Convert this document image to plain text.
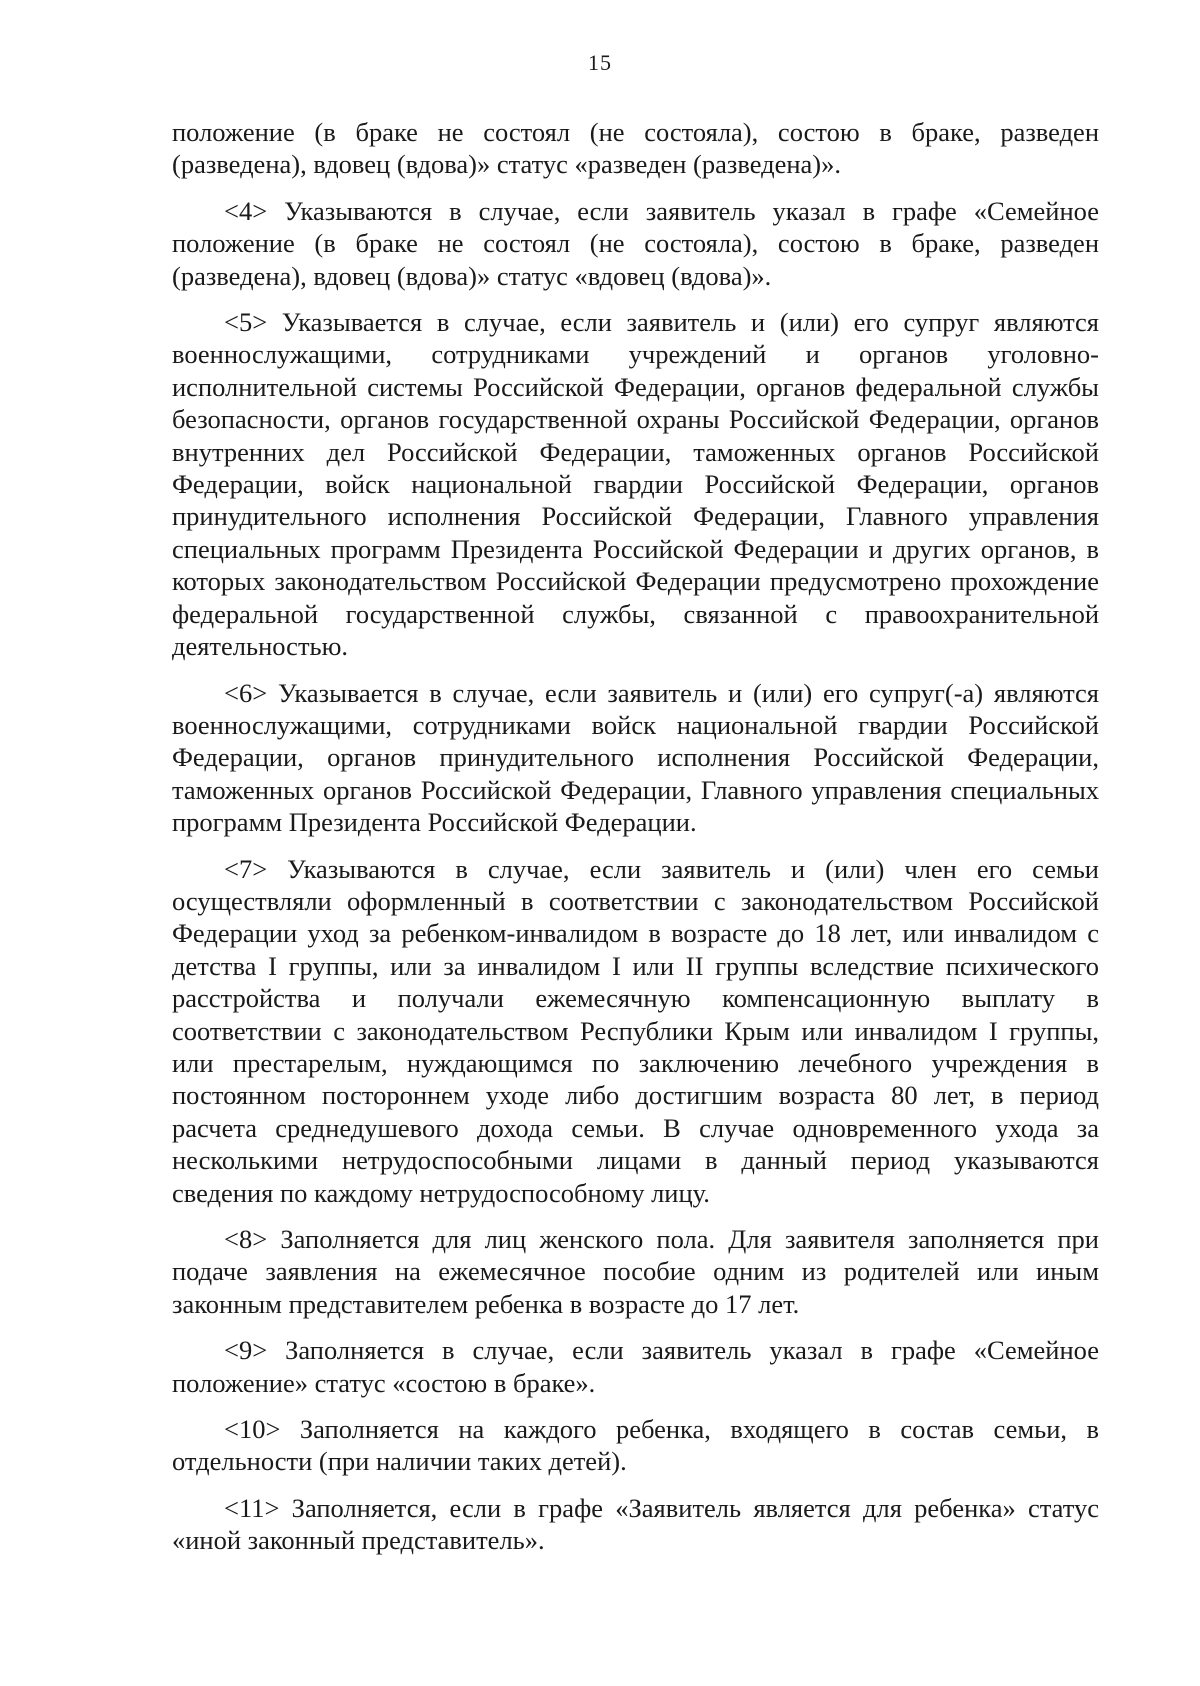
15

положение (в браке не состоял (не состояла), состою в браке, разведен (разведена), вдовец (вдова)» статус «разведен (разведена)».

<4> Указываются в случае, если заявитель указал в графе «Семейное положение (в браке не состоял (не состояла), состою в браке, разведен (разведена), вдовец (вдова)» статус «вдовец (вдова)».

<5> Указывается в случае, если заявитель и (или) его супруг являются военнослужащими, сотрудниками учреждений и органов уголовно-исполнительной системы Российской Федерации, органов федеральной службы безопасности, органов государственной охраны Российской Федерации, органов внутренних дел Российской Федерации, таможенных органов Российской Федерации, войск национальной гвардии Российской Федерации, органов принудительного исполнения Российской Федерации, Главного управления специальных программ Президента Российской Федерации и других органов, в которых законодательством Российской Федерации предусмотрено прохождение федеральной государственной службы, связанной с правоохранительной деятельностью.

<6> Указывается в случае, если заявитель и (или) его супруг(-а) являются военнослужащими, сотрудниками войск национальной гвардии Российской Федерации, органов принудительного исполнения Российской Федерации, таможенных органов Российской Федерации, Главного управления специальных программ Президента Российской Федерации.

<7> Указываются в случае, если заявитель и (или) член его семьи осуществляли оформленный в соответствии с законодательством Российской Федерации уход за ребенком-инвалидом в возрасте до 18 лет, или инвалидом с детства I группы, или за инвалидом I или II группы вследствие психического расстройства и получали ежемесячную компенсационную выплату в соответствии с законодательством Республики Крым или инвалидом I группы, или престарелым, нуждающимся по заключению лечебного учреждения в постоянном постороннем уходе либо достигшим возраста 80 лет, в период расчета среднедушевого дохода семьи. В случае одновременного ухода за несколькими нетрудоспособными лицами в данный период указываются сведения по каждому нетрудоспособному лицу.

<8> Заполняется для лиц женского пола. Для заявителя заполняется при подаче заявления на ежемесячное пособие одним из родителей или иным законным представителем ребенка в возрасте до 17 лет.

<9> Заполняется в случае, если заявитель указал в графе «Семейное положение» статус «состою в браке».

<10> Заполняется на каждого ребенка, входящего в состав семьи, в отдельности (при наличии таких детей).

<11> Заполняется, если в графе «Заявитель является для ребенка» статус «иной законный представитель».
